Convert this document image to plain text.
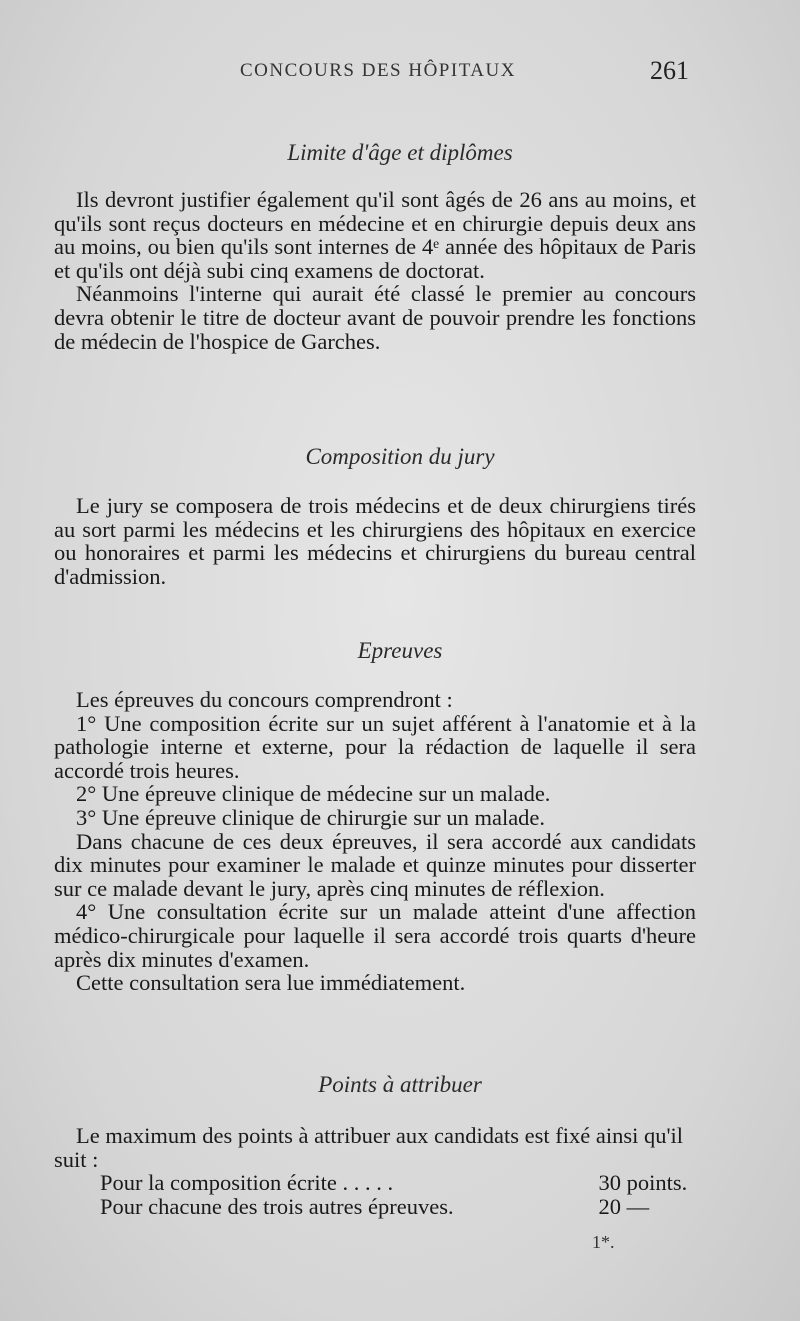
CONCOURS DES HÔPITAUX	261
Limite d'âge et diplômes

Ils devront justifier également qu'il sont âgés de 26 ans au moins, et qu'ils sont reçus docteurs en médecine et en chirurgie depuis deux ans au moins, ou bien qu'ils sont internes de 4ᵉ année des hôpitaux de Paris et qu'ils ont déjà subi cinq examens de doctorat.

Néanmoins l'interne qui aurait été classé le premier au concours devra obtenir le titre de docteur avant de pouvoir prendre les fonctions de médecin de l'hospice de Garches.

Composition du jury

Le jury se composera de trois médecins et de deux chirurgiens tirés au sort parmi les médecins et les chirurgiens des hôpitaux en exercice ou honoraires et parmi les médecins et chirurgiens du bureau central d'admission.

Epreuves

Les épreuves du concours comprendront :

1° Une composition écrite sur un sujet afférent à l'anatomie et à la pathologie interne et externe, pour la rédaction de laquelle il sera accordé trois heures.

2° Une épreuve clinique de médecine sur un malade.

3° Une épreuve clinique de chirurgie sur un malade.

Dans chacune de ces deux épreuves, il sera accordé aux candidats dix minutes pour examiner le malade et quinze minutes pour disserter sur ce malade devant le jury, après cinq minutes de réflexion.

4° Une consultation écrite sur un malade atteint d'une affection médico-chirurgicale pour laquelle il sera accordé trois quarts d'heure après dix minutes d'examen.

Cette consultation sera lue immédiatement.

Points à attribuer

Le maximum des points à attribuer aux candidats est fixé ainsi qu'il suit :

Pour la composition écrite . . . . .	30 points.
Pour chacune des trois autres épreuves.	20 —
1*.
